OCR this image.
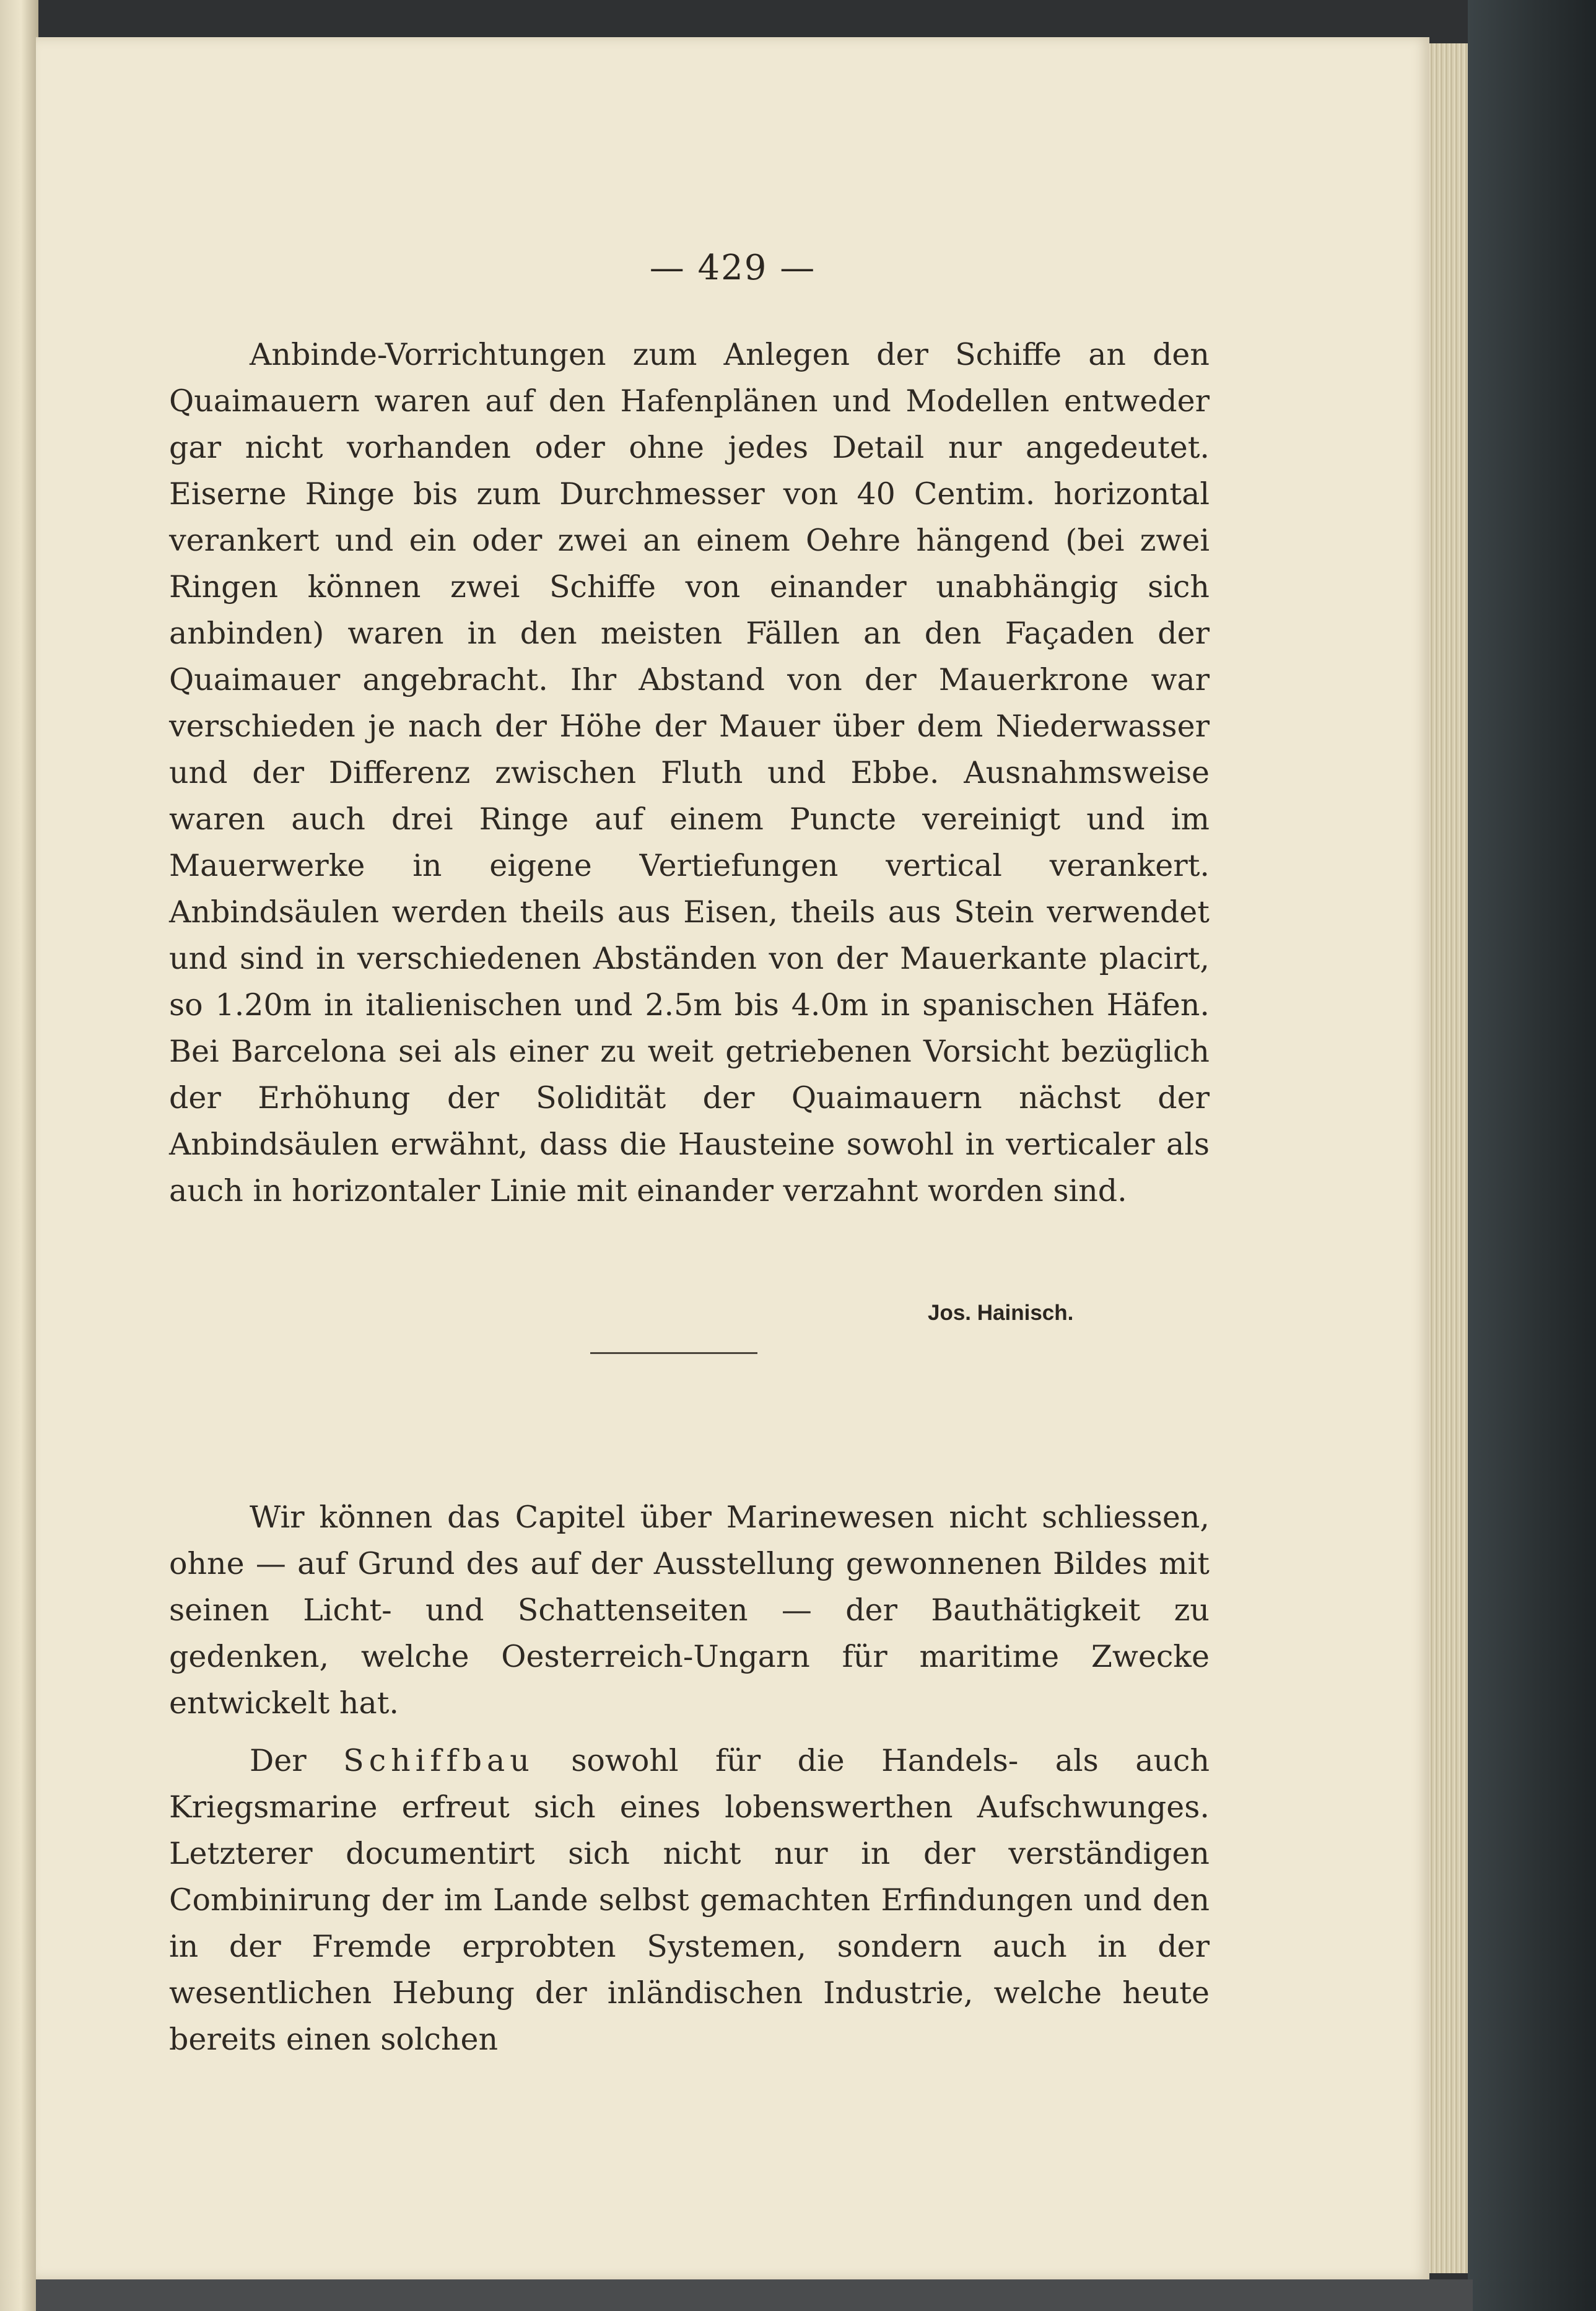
— 429 —

Anbinde-Vorrichtungen zum Anlegen der Schiffe an den Quaimauern waren auf den Hafenplänen und Modellen entweder gar nicht vorhanden oder ohne jedes Detail nur angedeutet. Eiserne Ringe bis zum Durchmesser von 40 Centim. horizontal verankert und ein oder zwei an einem Oehre hängend (bei zwei Ringen können zwei Schiffe von einander unabhängig sich anbinden) waren in den meisten Fällen an den Façaden der Quaimauer angebracht. Ihr Abstand von der Mauerkrone war verschieden je nach der Höhe der Mauer über dem Niederwasser und der Differenz zwischen Fluth und Ebbe. Ausnahmsweise waren auch drei Ringe auf einem Puncte vereinigt und im Mauerwerke in eigene Vertiefungen vertical verankert. Anbindsäulen werden theils aus Eisen, theils aus Stein verwendet und sind in verschiedenen Abständen von der Mauerkante placirt, so 1.20m in italienischen und 2.5m bis 4.0m in spanischen Häfen. Bei Barcelona sei als einer zu weit getriebenen Vorsicht bezüglich der Erhöhung der Solidität der Quaimauern nächst der Anbindsäulen erwähnt, dass die Hausteine sowohl in verticaler als auch in horizontaler Linie mit einander verzahnt worden sind.

Jos. Hainisch.

Wir können das Capitel über Marinewesen nicht schliessen, ohne — auf Grund des auf der Ausstellung gewonnenen Bildes mit seinen Licht- und Schattenseiten — der Bauthätigkeit zu gedenken, welche Oesterreich-Ungarn für maritime Zwecke entwickelt hat.

Der Schiffbau sowohl für die Handels- als auch Kriegsmarine erfreut sich eines lobenswerthen Aufschwunges. Letzterer documentirt sich nicht nur in der verständigen Combinirung der im Lande selbst gemachten Erfindungen und den in der Fremde erprobten Systemen, sondern auch in der wesentlichen Hebung der inländischen Industrie, welche heute bereits einen solchen
